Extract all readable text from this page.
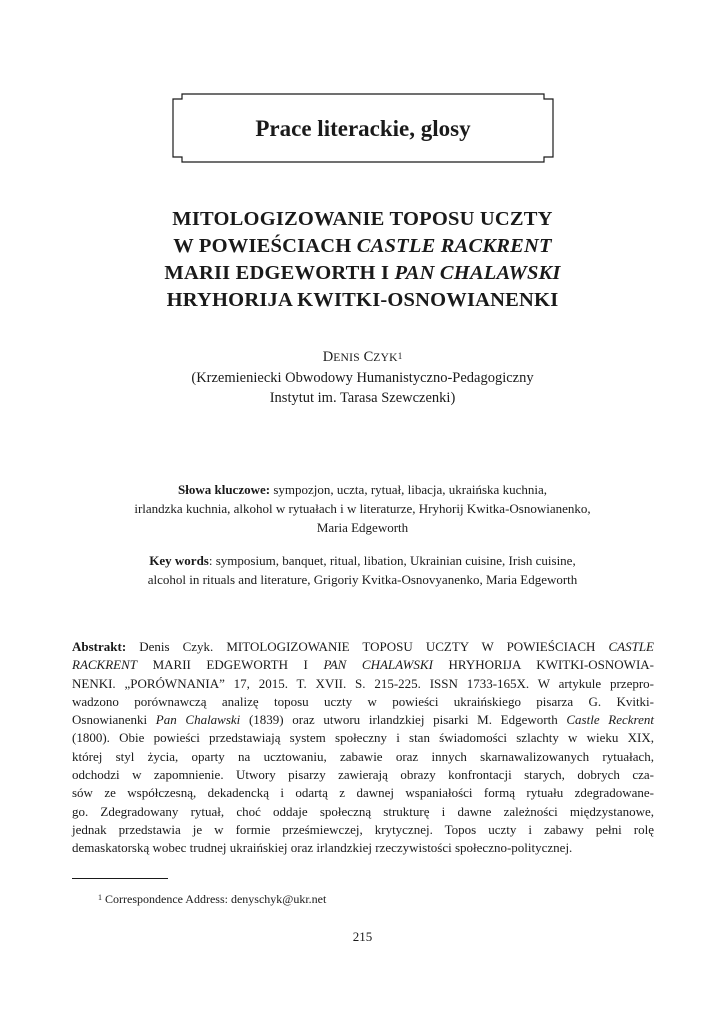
Prace literackie, glosy
MITOLOGIZOWANIE TOPOSU UCZTY
W POWIEŚCIACH CASTLE RACKRENT
MARII EDGEWORTH I PAN CHALAWSKI
HRYHORIJA KWITKI-OSNOWIANENKI
DENIS CZYK$^1$
(Krzemieniecki Obwodowy Humanistyczno-Pedagogiczny
Instytut im. Tarasa Szewczenki)
Słowa kluczowe: sympozjon, uczta, rytuał, libacja, ukraińska kuchnia,
irlandzka kuchnia, alkohol w rytuałach i w literaturze, Hryhorij Kwitka-Osnowianenko,
Maria Edgeworth
Key words: symposium, banquet, ritual, libation, Ukrainian cuisine, Irish cuisine,
alcohol in rituals and literature, Grigoriy Kvitka-Osnovyanenko, Maria Edgeworth
Abstrakt: Denis Czyk. MITOLOGIZOWANIE TOPOSU UCZTY W POWIEŚCIACH CASTLE
RACKRENT MARII EDGEWORTH I PAN CHALAWSKI HRYHORIJA KWITKI-OSNOWIA-
NENKI. „PORÓWNANIA” 17, 2015. T. XVII. S. 215-225. ISSN 1733-165X. W artykule przepro-
wadzono porównawczą analizę toposu uczty w powieści ukraińskiego pisarza G. Kvitki-
Osnowianenki Pan Chalawski (1839) oraz utworu irlandzkiej pisarki M. Edgeworth Castle Reckrent
(1800). Obie powieści przedstawiają system społeczny i stan świadomości szlachty w wieku XIX,
której styl życia, oparty na ucztowaniu, zabawie oraz innych skarnawalizowanych rytuałach,
odchodzi w zapomnienie. Utwory pisarzy zawierają obrazy konfrontacji starych, dobrych cza-
sów ze współczesną, dekadencką i odartą z dawnej wspaniałości formą rytuału zdegradowane-
go. Zdegradowany rytuał, choć oddaje społeczną strukturę i dawne zależności międzystanowe,
jednak przedstawia je w formie prześmiewczej, krytycznej. Topos uczty i zabawy pełni rolę
demaskatorską wobec trudnej ukraińskiej oraz irlandzkiej rzeczywistości społeczno-politycznej.
$^1$ Correspondence Address: denyschyk@ukr.net
215
